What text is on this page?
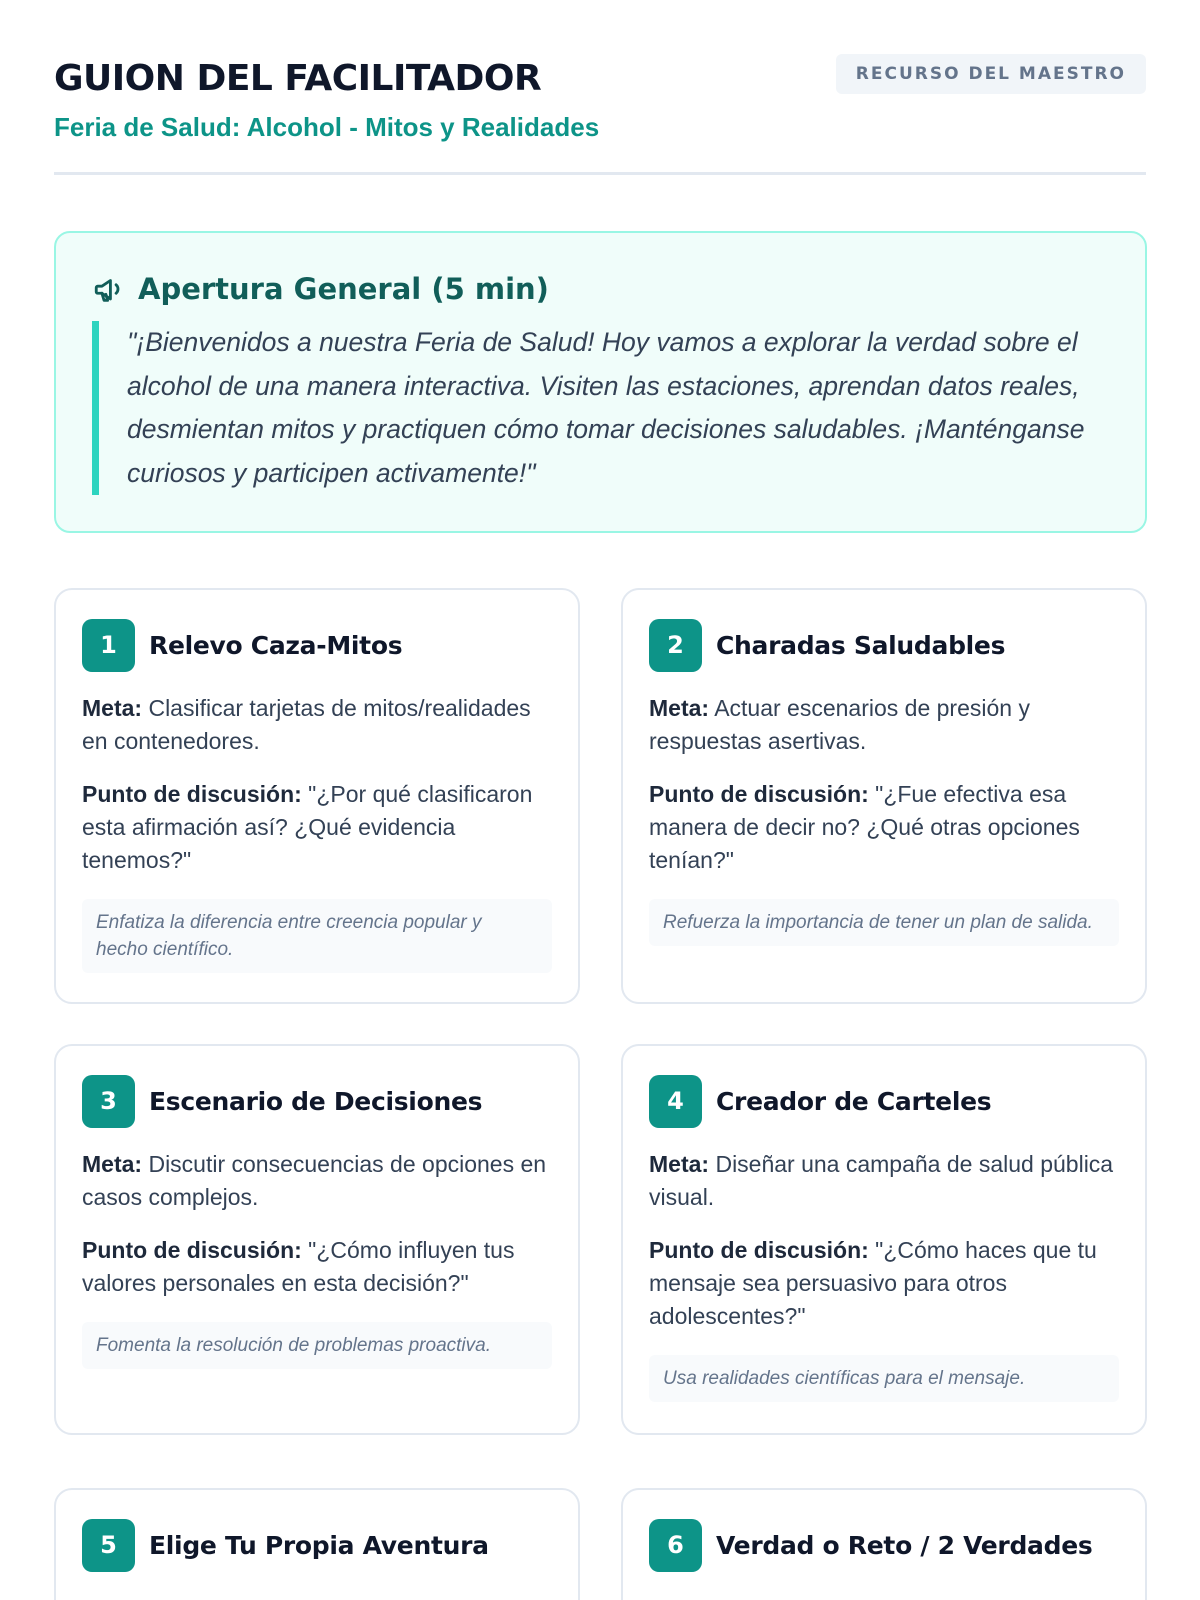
GUION DEL FACILITADOR
Feria de Salud: Alcohol - Mitos y Realidades
RECURSO DEL MAESTRO
Apertura General (5 min)
"¡Bienvenidos a nuestra Feria de Salud! Hoy vamos a explorar la verdad sobre el alcohol de una manera interactiva. Visiten las estaciones, aprendan datos reales, desmientan mitos y practiquen cómo tomar decisiones saludables. ¡Manténganse curiosos y participen activamente!"
1	Relevo Caza-Mitos
Meta: Clasificar tarjetas de mitos/realidades en contenedores.
Punto de discusión: "¿Por qué clasificaron esta afirmación así? ¿Qué evidencia tenemos?"
Enfatiza la diferencia entre creencia popular y hecho científico.
2	Charadas Saludables
Meta: Actuar escenarios de presión y respuestas asertivas.
Punto de discusión: "¿Fue efectiva esa manera de decir no? ¿Qué otras opciones tenían?"
Refuerza la importancia de tener un plan de salida.
3	Escenario de Decisiones
Meta: Discutir consecuencias de opciones en casos complejos.
Punto de discusión: "¿Cómo influyen tus valores personales en esta decisión?"
Fomenta la resolución de problemas proactiva.
4	Creador de Carteles
Meta: Diseñar una campaña de salud pública visual.
Punto de discusión: "¿Cómo haces que tu mensaje sea persuasivo para otros adolescentes?"
Usa realidades científicas para el mensaje.
5	Elige Tu Propia Aventura	6	Verdad o Reto / 2 Verdades
